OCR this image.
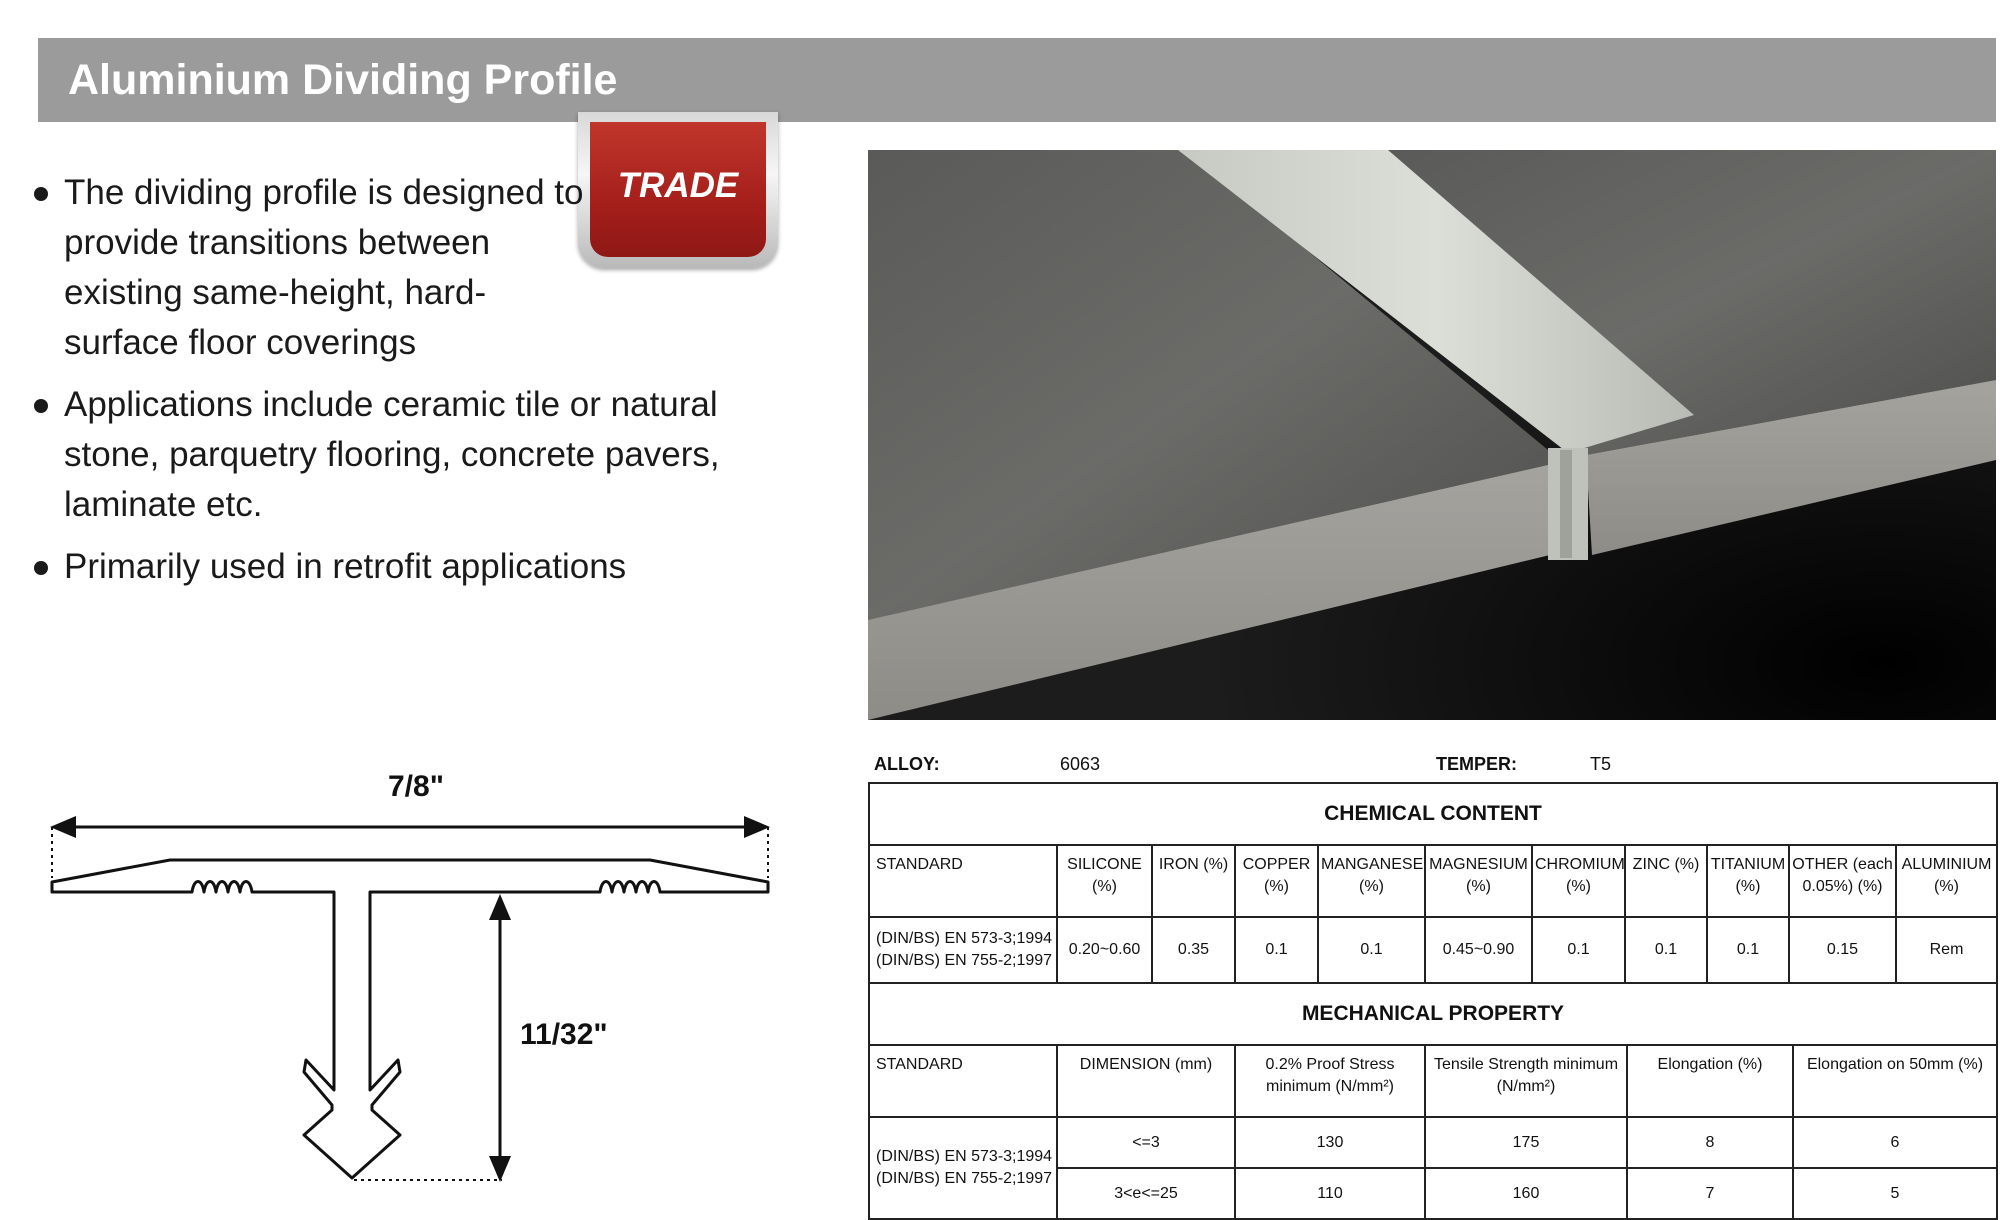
Aluminium Dividing Profile
TRADE
The dividing profile is designed to provide transitions between existing same-height, hard-surface floor coverings
Applications include ceramic tile or natural stone, parquetry flooring, concrete pavers, laminate etc.
Primarily used in retrofit applications
7/8"
11/32"
ALLOY:	6063	TEMPER:	T5
CHEMICAL CONTENT										
STANDARD	SILICONE (%)	IRON (%)	COPPER (%)	MANGANESE (%)	MAGNESIUM (%)	CHROMIUM (%)	ZINC (%)	TITANIUM (%)	OTHER (each 0.05%) (%)	ALUMINIUM (%)

(DIN/BS) EN 573-3;1994
(DIN/BS) EN 755-2;1997	0.20~0.60	0.35	0.1	0.1	0.45~0.90	0.1	0.1	0.1	0.15	Rem
MECHANICAL PROPERTY					
STANDARD	DIMENSION (mm)	0.2% Proof Stress minimum (N/mm²)	Tensile Strength minimum (N/mm²)	Elongation (%)	Elongation on 50mm (%)

(DIN/BS) EN 573-3;1994
(DIN/BS) EN 755-2;1997	<=3	130	175	8	6
	3<e<=25	110	160	7	5
